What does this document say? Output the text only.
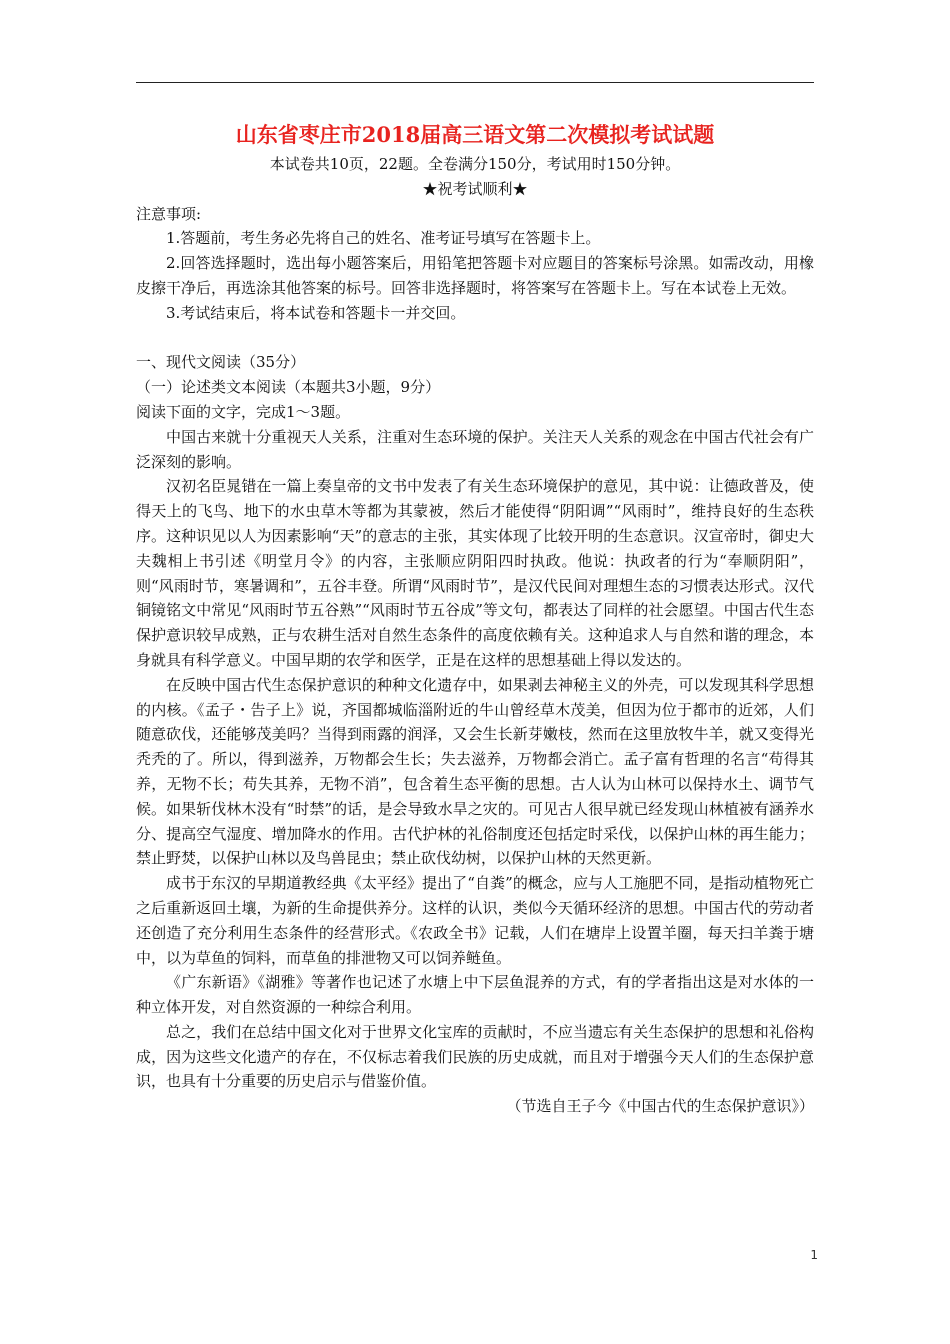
山东省枣庄市2018届高三语文第二次模拟考试试题

本试卷共10页，22题。全卷满分150分，考试用时150分钟。

★祝考试顺利★

注意事项:

1.答题前，考生务必先将自己的姓名、准考证号填写在答题卡上。

2.回答选择题时，选出每小题答案后，用铅笔把答题卡对应题目的答案标号涂黑。如需改动，用橡皮擦干净后，再选涂其他答案的标号。回答非选择题时，将答案写在答题卡上。写在本试卷上无效。

3.考试结束后，将本试卷和答题卡一并交回。

一、现代文阅读（35分）

（一）论述类文本阅读（本题共3小题，9分）

阅读下面的文字，完成1～3题。

中国古来就十分重视天人关系，注重对生态环境的保护。关注天人关系的观念在中国古代社会有广泛深刻的影响。

汉初名臣晁错在一篇上奏皇帝的文书中发表了有关生态环境保护的意见，其中说：让德政普及，使得天上的飞鸟、地下的水虫草木等都为其蒙被，然后才能使得“阴阳调”“风雨时”，维持良好的生态秩序。这种识见以人为因素影响“天”的意志的主张，其实体现了比较开明的生态意识。汉宣帝时，御史大夫魏相上书引述《明堂月令》的内容，主张顺应阴阳四时执政。他说：执政者的行为“奉顺阴阳”，则“风雨时节，寒暑调和”，五谷丰登。所谓“风雨时节”，是汉代民间对理想生态的习惯表达形式。汉代铜镜铭文中常见“风雨时节五谷熟”“风雨时节五谷成”等文句，都表达了同样的社会愿望。中国古代生态保护意识较早成熟，正与农耕生活对自然生态条件的高度依赖有关。这种追求人与自然和谐的理念，本身就具有科学意义。中国早期的农学和医学，正是在这样的思想基础上得以发达的。

在反映中国古代生态保护意识的种种文化遗存中，如果剥去神秘主义的外壳，可以发现其科学思想的内核。《孟子・告子上》说，齐国都城临淄附近的牛山曾经草木茂美，但因为位于都市的近郊，人们随意砍伐，还能够茂美吗？当得到雨露的润泽，又会生长新芽嫩枝，然而在这里放牧牛羊，就又变得光秃秃的了。所以，得到滋养，万物都会生长；失去滋养，万物都会消亡。孟子富有哲理的名言“苟得其养，无物不长；苟失其养，无物不消”，包含着生态平衡的思想。古人认为山林可以保持水土、调节气候。如果斩伐林木没有“时禁”的话，是会导致水旱之灾的。可见古人很早就已经发现山林植被有涵养水分、提高空气湿度、增加降水的作用。古代护林的礼俗制度还包括定时采伐，以保护山林的再生能力；禁止野焚，以保护山林以及鸟兽昆虫；禁止砍伐幼树，以保护山林的天然更新。

成书于东汉的早期道教经典《太平经》提出了“自粪”的概念，应与人工施肥不同，是指动植物死亡之后重新返回土壤，为新的生命提供养分。这样的认识，类似今天循环经济的思想。中国古代的劳动者还创造了充分利用生态条件的经营形式。《农政全书》记载，人们在塘岸上设置羊圈，每天扫羊粪于塘中，以为草鱼的饲料，而草鱼的排泄物又可以饲养鲢鱼。

《广东新语》《湖雅》等著作也记述了水塘上中下层鱼混养的方式，有的学者指出这是对水体的一种立体开发，对自然资源的一种综合利用。

总之，我们在总结中国文化对于世界文化宝库的贡献时，不应当遗忘有关生态保护的思想和礼俗构成，因为这些文化遗产的存在，不仅标志着我们民族的历史成就，而且对于增强今天人们的生态保护意识，也具有十分重要的历史启示与借鉴价值。

（节选自王子今《中国古代的生态保护意识》）

1
